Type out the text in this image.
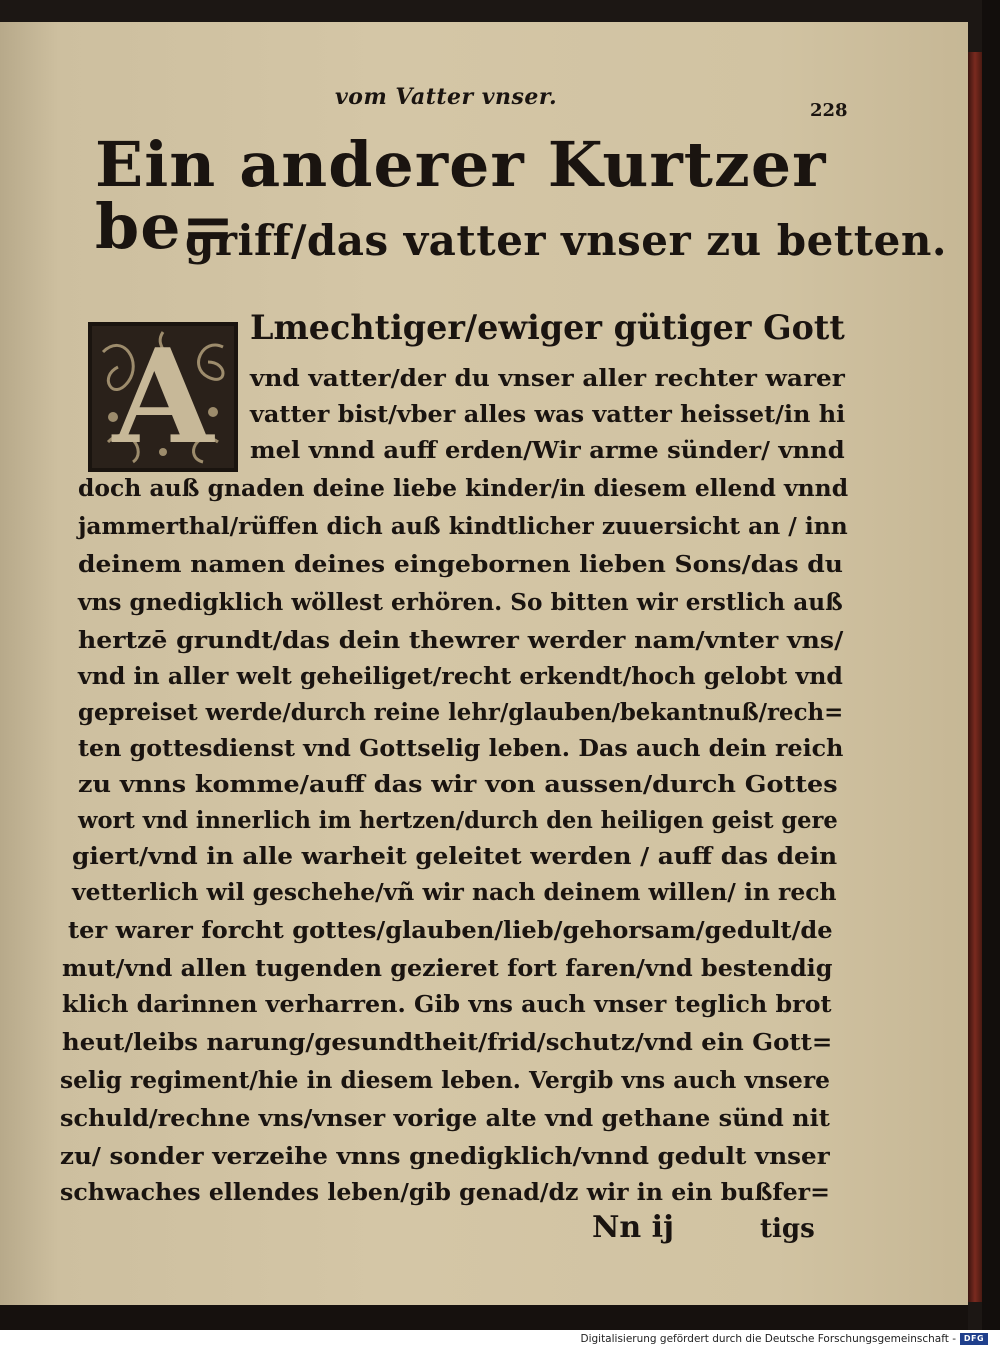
vom Vatter vnser.
228
Ein anderer Kurtzer be=
griff/das vatter vnser zu betten.
A	Lmechtiger/ewiger gütiger Gott
vnd vatter/der du vnser aller rechter warer
vatter bist/vber alles was vatter heisset/in hi
mel vnnd auff erden/Wir arme sünder/ vnnd
doch auß gnaden deine liebe kinder/in diesem ellend vnnd
jammerthal/rüffen dich auß kindtlicher zuuersicht an / inn
deinem namen deines eingebornen lieben Sons/das du
vns gnedigklich wöllest erhören. So bitten wir erstlich auß
hertzē grundt/das dein thewrer werder nam/vnter vns/
vnd in aller welt geheiliget/recht erkendt/hoch gelobt vnd
gepreiset werde/durch reine lehr/glauben/bekantnuß/rech=
ten gottesdienst vnd Gottselig leben. Das auch dein reich
zu vnns komme/auff das wir von aussen/durch Gottes
wort vnd innerlich im hertzen/durch den heiligen geist gere
giert/vnd in alle warheit geleitet werden / auff das dein
vetterlich wil geschehe/vñ wir nach deinem willen/ in rech
ter warer forcht gottes/glauben/lieb/gehorsam/gedult/de
mut/vnd allen tugenden gezieret fort faren/vnd bestendig
klich darinnen verharren. Gib vns auch vnser teglich brot
heut/leibs narung/gesundtheit/frid/schutz/vnd ein Gott=
selig regiment/hie in diesem leben. Vergib vns auch vnsere
schuld/rechne vns/vnser vorige alte vnd gethane sünd nit
zu/ sonder verzeihe vnns gnedigklich/vnnd gedult vnser
schwaches ellendes leben/gib genad/dz wir in ein bußfer=
Nn ij	tigs
Digitalisierung gefördert durch die Deutsche Forschungsgemeinschaft - DFG
